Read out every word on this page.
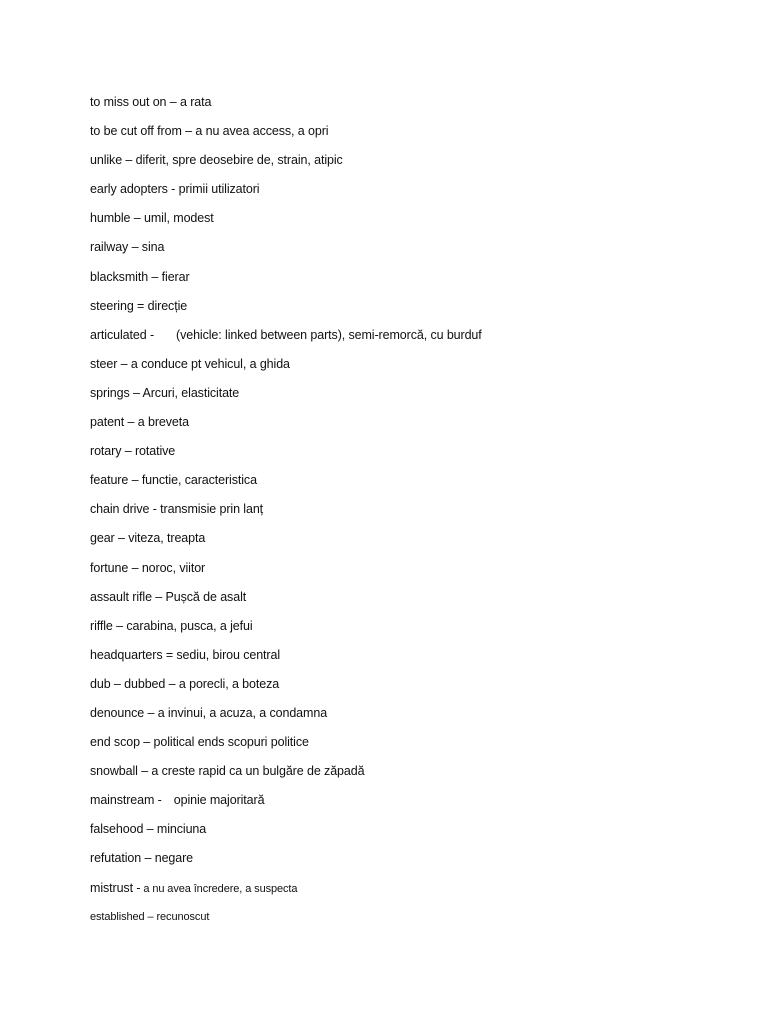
to miss out on – a rata
to be cut off from – a nu avea access, a opri
unlike – diferit, spre deosebire de, strain, atipic
early adopters - primii utilizatori
humble – umil, modest
railway – sina
blacksmith – fierar
steering = direcție
articulated - (vehicle: linked between parts), semi-remorcă, cu burduf
steer – a conduce pt vehicul, a ghida
springs – Arcuri, elasticitate
patent – a breveta
rotary – rotative
feature – functie, caracteristica
chain drive - transmisie prin lanț
gear – viteza, treapta
fortune – noroc, viitor
assault rifle – Pușcă de asalt
riffle – carabina, pusca, a jefui
headquarters = sediu, birou central
dub – dubbed – a porecli, a boteza
denounce – a invinui, a acuza, a condamna
end scop – political ends scopuri politice
snowball – a creste rapid ca un bulgăre de zăpadă
mainstream - opinie majoritară
falsehood – minciuna
refutation – negare
mistrust - a nu avea încredere, a suspecta
established – recunoscut
